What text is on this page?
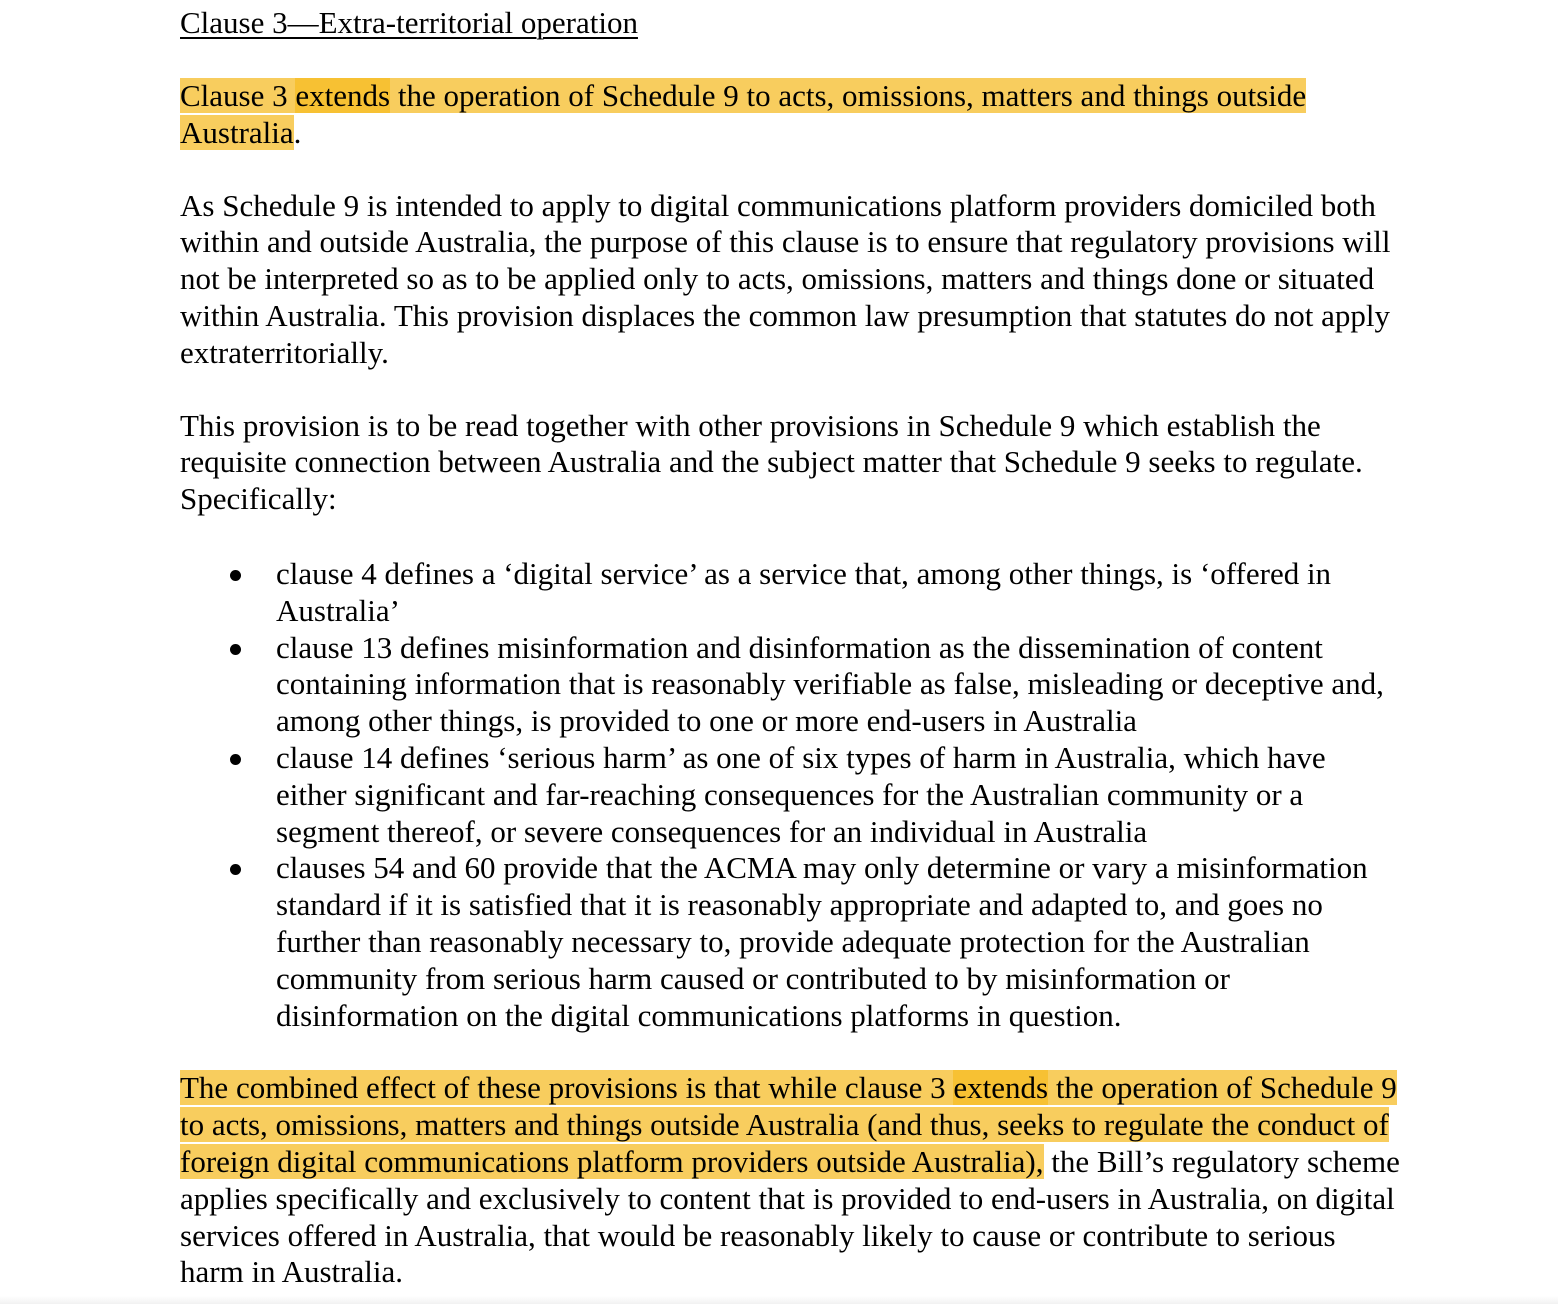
Clause 3—Extra-territorial operation

Clause 3 extends the operation of Schedule 9 to acts, omissions, matters and things outside Australia.

As Schedule 9 is intended to apply to digital communications platform providers domiciled both within and outside Australia, the purpose of this clause is to ensure that regulatory provisions will not be interpreted so as to be applied only to acts, omissions, matters and things done or situated within Australia. This provision displaces the common law presumption that statutes do not apply extraterritorially.

This provision is to be read together with other provisions in Schedule 9 which establish the requisite connection between Australia and the subject matter that Schedule 9 seeks to regulate. Specifically:

clause 4 defines a ‘digital service’ as a service that, among other things, is ‘offered in Australia’
clause 13 defines misinformation and disinformation as the dissemination of content containing information that is reasonably verifiable as false, misleading or deceptive and, among other things, is provided to one or more end-users in Australia
clause 14 defines ‘serious harm’ as one of six types of harm in Australia, which have either significant and far-reaching consequences for the Australian community or a segment thereof, or severe consequences for an individual in Australia
clauses 54 and 60 provide that the ACMA may only determine or vary a misinformation standard if it is satisfied that it is reasonably appropriate and adapted to, and goes no further than reasonably necessary to, provide adequate protection for the Australian community from serious harm caused or contributed to by misinformation or disinformation on the digital communications platforms in question.

The combined effect of these provisions is that while clause 3 extends the operation of Schedule 9 to acts, omissions, matters and things outside Australia (and thus, seeks to regulate the conduct of foreign digital communications platform providers outside Australia), the Bill’s regulatory scheme applies specifically and exclusively to content that is provided to end-users in Australia, on digital services offered in Australia, that would be reasonably likely to cause or contribute to serious harm in Australia.
